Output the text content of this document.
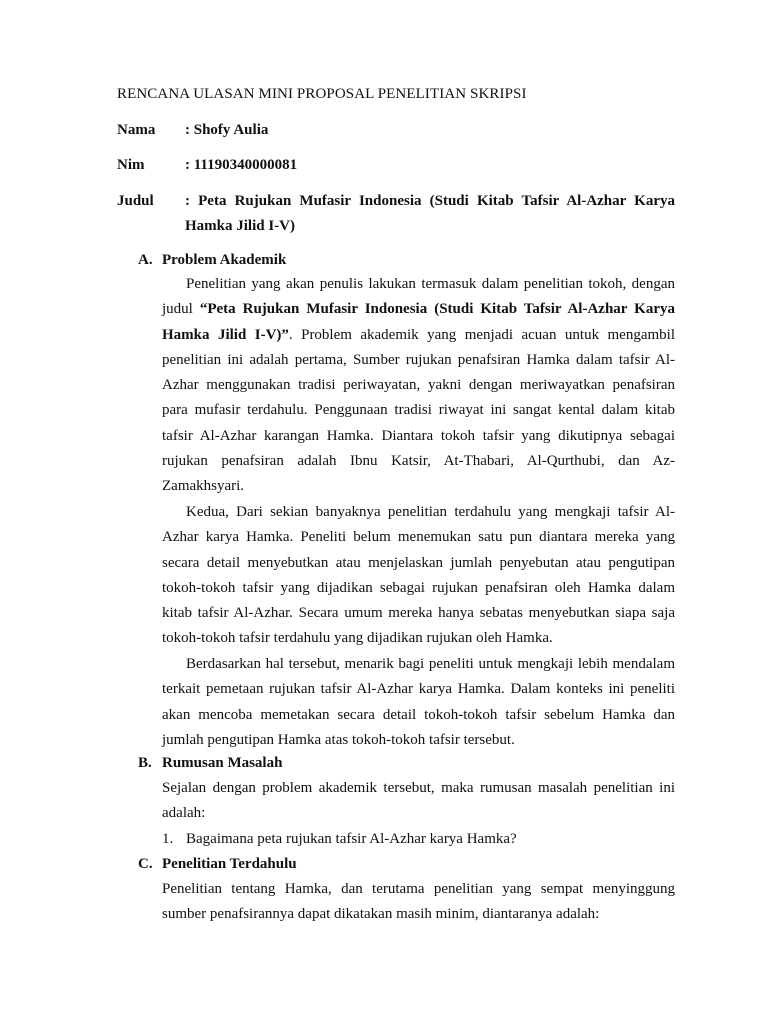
RENCANA ULASAN MINI PROPOSAL PENELITIAN SKRIPSI
Nama : Shofy Aulia
Nim	: 11190340000081
Judul : Peta Rujukan Mufasir Indonesia (Studi Kitab Tafsir Al-Azhar Karya Hamka Jilid I-V)
A. Problem Akademik

Penelitian yang akan penulis lakukan termasuk dalam penelitian tokoh, dengan judul “Peta Rujukan Mufasir Indonesia (Studi Kitab Tafsir Al-Azhar Karya Hamka Jilid I-V)”. Problem akademik yang menjadi acuan untuk mengambil penelitian ini adalah pertama, Sumber rujukan penafsiran Hamka dalam tafsir Al-Azhar menggunakan tradisi periwayatan, yakni dengan meriwayatkan penafsiran para mufasir terdahulu. Penggunaan tradisi riwayat ini sangat kental dalam kitab tafsir Al-Azhar karangan Hamka. Diantara tokoh tafsir yang dikutipnya sebagai rujukan penafsiran adalah Ibnu Katsir, At-Thabari, Al-Qurthubi, dan Az-Zamakhsyari.

Kedua, Dari sekian banyaknya penelitian terdahulu yang mengkaji tafsir Al-Azhar karya Hamka. Peneliti belum menemukan satu pun diantara mereka yang secara detail menyebutkan atau menjelaskan jumlah penyebutan atau pengutipan tokoh-tokoh tafsir yang dijadikan sebagai rujukan penafsiran oleh Hamka dalam kitab tafsir Al-Azhar. Secara umum mereka hanya sebatas menyebutkan siapa saja tokoh-tokoh tafsir terdahulu yang dijadikan rujukan oleh Hamka.

Berdasarkan hal tersebut, menarik bagi peneliti untuk mengkaji lebih mendalam terkait pemetaan rujukan tafsir Al-Azhar karya Hamka. Dalam konteks ini peneliti akan mencoba memetakan secara detail tokoh-tokoh tafsir sebelum Hamka dan jumlah pengutipan Hamka atas tokoh-tokoh tafsir tersebut.

B. Rumusan Masalah

Sejalan dengan problem akademik tersebut, maka rumusan masalah penelitian ini adalah:

1. Bagaimana peta rujukan tafsir Al-Azhar karya Hamka?
C. Penelitian Terdahulu

Penelitian tentang Hamka, dan terutama penelitian yang sempat menyinggung sumber penafsirannya dapat dikatakan masih minim, diantaranya adalah:
